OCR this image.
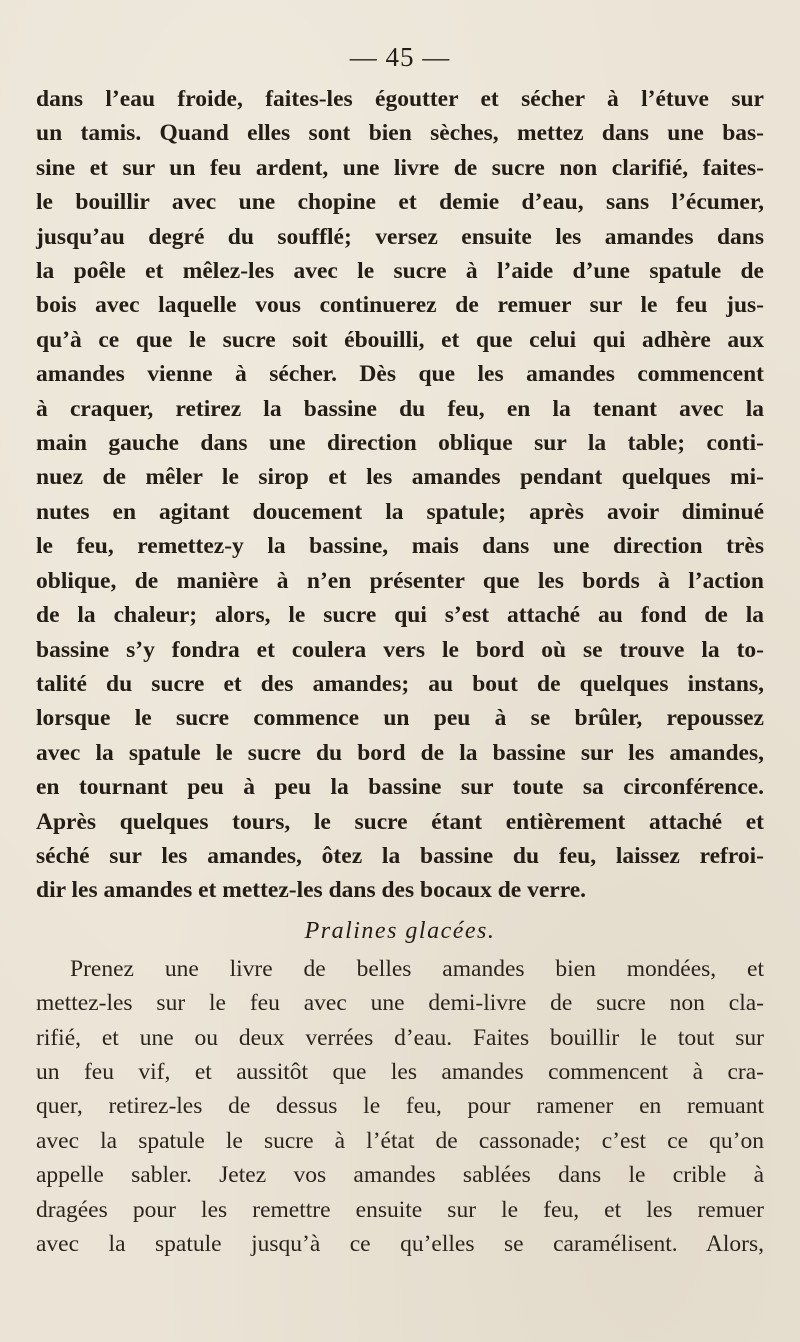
— 45 —

dans l’eau froide, faites-les égoutter et sécher à l’étuve sur
un tamis. Quand elles sont bien sèches, mettez dans une bas-
sine et sur un feu ardent, une livre de sucre non clarifié, faites-
le bouillir avec une chopine et demie d’eau, sans l’écumer,
jusqu’au degré du soufflé; versez ensuite les amandes dans
la poêle et mêlez-les avec le sucre à l’aide d’une spatule de
bois avec laquelle vous continuerez de remuer sur le feu jus-
qu’à ce que le sucre soit ébouilli, et que celui qui adhère aux
amandes vienne à sécher. Dès que les amandes commencent
à craquer, retirez la bassine du feu, en la tenant avec la
main gauche dans une direction oblique sur la table; conti-
nuez de mêler le sirop et les amandes pendant quelques mi-
nutes en agitant doucement la spatule; après avoir diminué
le feu, remettez-y la bassine, mais dans une direction très
oblique, de manière à n’en présenter que les bords à l’action
de la chaleur; alors, le sucre qui s’est attaché au fond de la
bassine s’y fondra et coulera vers le bord où se trouve la to-
talité du sucre et des amandes; au bout de quelques instans,
lorsque le sucre commence un peu à se brûler, repoussez
avec la spatule le sucre du bord de la bassine sur les amandes,
en tournant peu à peu la bassine sur toute sa circonférence.
Après quelques tours, le sucre étant entièrement attaché et
séché sur les amandes, ôtez la bassine du feu, laissez refroi-
dir les amandes et mettez-les dans des bocaux de verre.

Pralines glacées.

Prenez une livre de belles amandes bien mondées, et
mettez-les sur le feu avec une demi-livre de sucre non cla-
rifié, et une ou deux verrées d’eau. Faites bouillir le tout sur
un feu vif, et aussitôt que les amandes commencent à cra-
quer, retirez-les de dessus le feu, pour ramener en remuant
avec la spatule le sucre à l’état de cassonade; c’est ce qu’on
appelle sabler. Jetez vos amandes sablées dans le crible à
dragées pour les remettre ensuite sur le feu, et les remuer
avec la spatule jusqu’à ce qu’elles se caramélisent. Alors,
